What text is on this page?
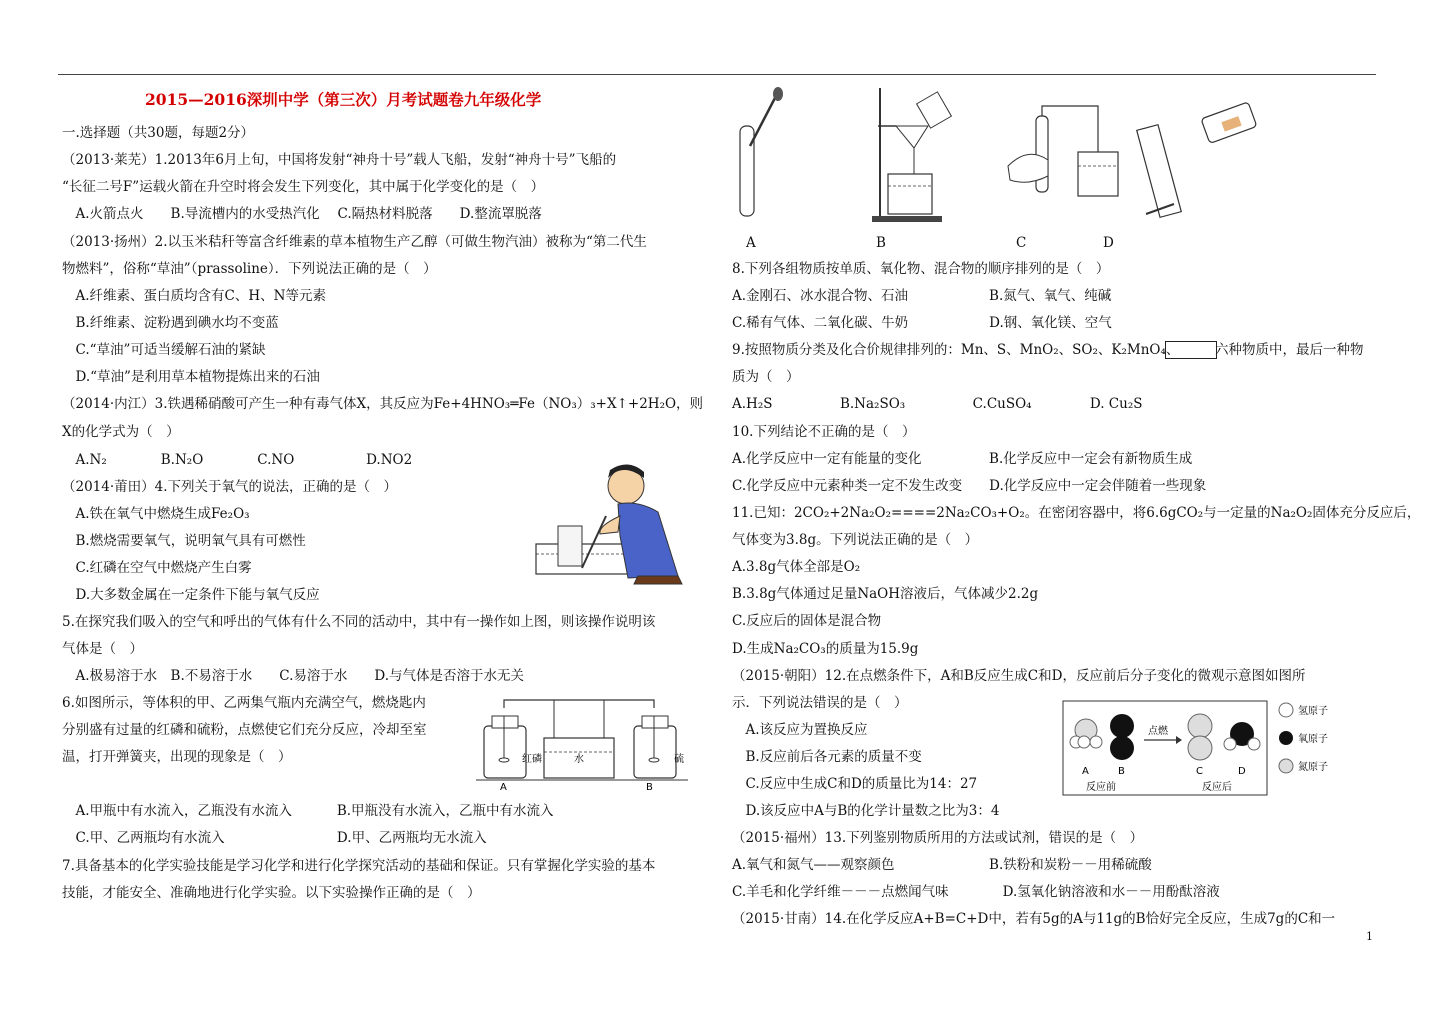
2015—2016深圳中学（第三次）月考试题卷九年级化学
一.选择题（共30题，每题2分）
（2013·莱芜）1.2013年6月上旬，中国将发射“神舟十号”载人飞船，发射“神舟十号”飞船的
“长征二号F”运载火箭在升空时将会发生下列变化，其中属于化学变化的是（　）
　A.火箭点火　　B.导流槽内的水受热汽化　 C.隔热材料脱落　　D.整流罩脱落
（2013·扬州）2.以玉米秸秆等富含纤维素的草本植物生产乙醇（可做生物汽油）被称为“第二代生
物燃料”，俗称“草油”（prassoline）．下列说法正确的是（　）
　A.纤维素、蛋白质均含有C、H、N等元素
　B.纤维素、淀粉遇到碘水均不变蓝
　C.“草油”可适当缓解石油的紧缺
　D.“草油”是利用草本植物提炼出来的石油
（2014·内江）3.铁遇稀硝酸可产生一种有毒气体X，其反应为Fe+4HNO₃═Fe（NO₃）₃+X↑+2H₂O，则
X的化学式为（　）
　A.N₂　　　　B.N₂O　　　　C.NO　　　　　 D.NO2
（2014·莆田）4.下列关于氧气的说法，正确的是（　）
　A.铁在氧气中燃烧生成Fe₂O₃
　B.燃烧需要氧气，说明氧气具有可燃性
　C.红磷在空气中燃烧产生白雾
　D.大多数金属在一定条件下能与氧气反应
5.在探究我们吸入的空气和呼出的气体有什么不同的活动中，其中有一操作如上图，则该操作说明该
气体是（　）
　A.极易溶于水　B.不易溶于水　　C.易溶于水　　D.与气体是否溶于水无关
6.如图所示，等体积的甲、乙两集气瓶内充满空气，燃烧匙内
分别盛有过量的红磷和硫粉，点燃使它们充分反应，冷却至室
温，打开弹簧夹，出现的现象是（　）
　A.甲瓶中有水流入，乙瓶没有水流入　　　 B.甲瓶没有水流入，乙瓶中有水流入
　C.甲、乙两瓶均有水流入　　　　　　　　 D.甲、乙两瓶均无水流入
7.具备基本的化学实验技能是学习化学和进行化学探究活动的基础和保证。只有掌握化学实验的基本
技能，才能安全、准确地进行化学实验。以下实验操作正确的是（　）
A	B
红磷	水	硫
A	B	C	D
8.下列各组物质按单质、氧化物、混合物的顺序排列的是（　）
A.金刚石、冰水混合物、石油　　　　　　B.氮气、氧气、纯碱
C.稀有气体、二氧化碳、牛奶　　　　　　D.钢、氧化镁、空气
9.按照物质分类及化合价规律排列的：Mn、S、MnO₂、SO₂、K₂MnO₄、	六种物质中，最后一种物
质为（　）
A.H₂S　　　　　B.Na₂SO₃　　　　　C.CuSO₄　　　　 D. Cu₂S
10.下列结论不正确的是（　）
A.化学反应中一定有能量的变化　　　　　B.化学反应中一定会有新物质生成
C.化学反应中元素种类一定不发生改变　　D.化学反应中一定会伴随着一些现象
11.已知：2CO₂+2Na₂O₂====2Na₂CO₃+O₂。在密闭容器中，将6.6gCO₂与一定量的Na₂O₂固体充分反应后，
气体变为3.8g。下列说法正确的是（　）
A.3.8g气体全部是O₂
B.3.8g气体通过足量NaOH溶液后，气体减少2.2g
C.反应后的固体是混合物
D.生成Na₂CO₃的质量为15.9g
（2015·朝阳）12.在点燃条件下，A和B反应生成C和D，反应前后分子变化的微观示意图如图所
示．下列说法错误的是（　）
　A.该反应为置换反应
　B.反应前后各元素的质量不变
　C.反应中生成C和D的质量比为14：27
　D.该反应中A与B的化学计量数之比为3：4
（2015·福州）13.下列鉴别物质所用的方法或试剂，错误的是（　）
A.氧气和氮气——观察颜色　　　　　　　B.铁粉和炭粉－－用稀硫酸
C.羊毛和化学纤维－－－点燃闻气味　　　　D.氢氧化钠溶液和水－－用酚酞溶液
（2015·甘南）14.在化学反应A+B=C+D中，若有5g的A与11g的B恰好完全反应，生成7g的C和一
A	B
点燃
C	D
反应前	反应后
氢原子
氧原子
氮原子
1
